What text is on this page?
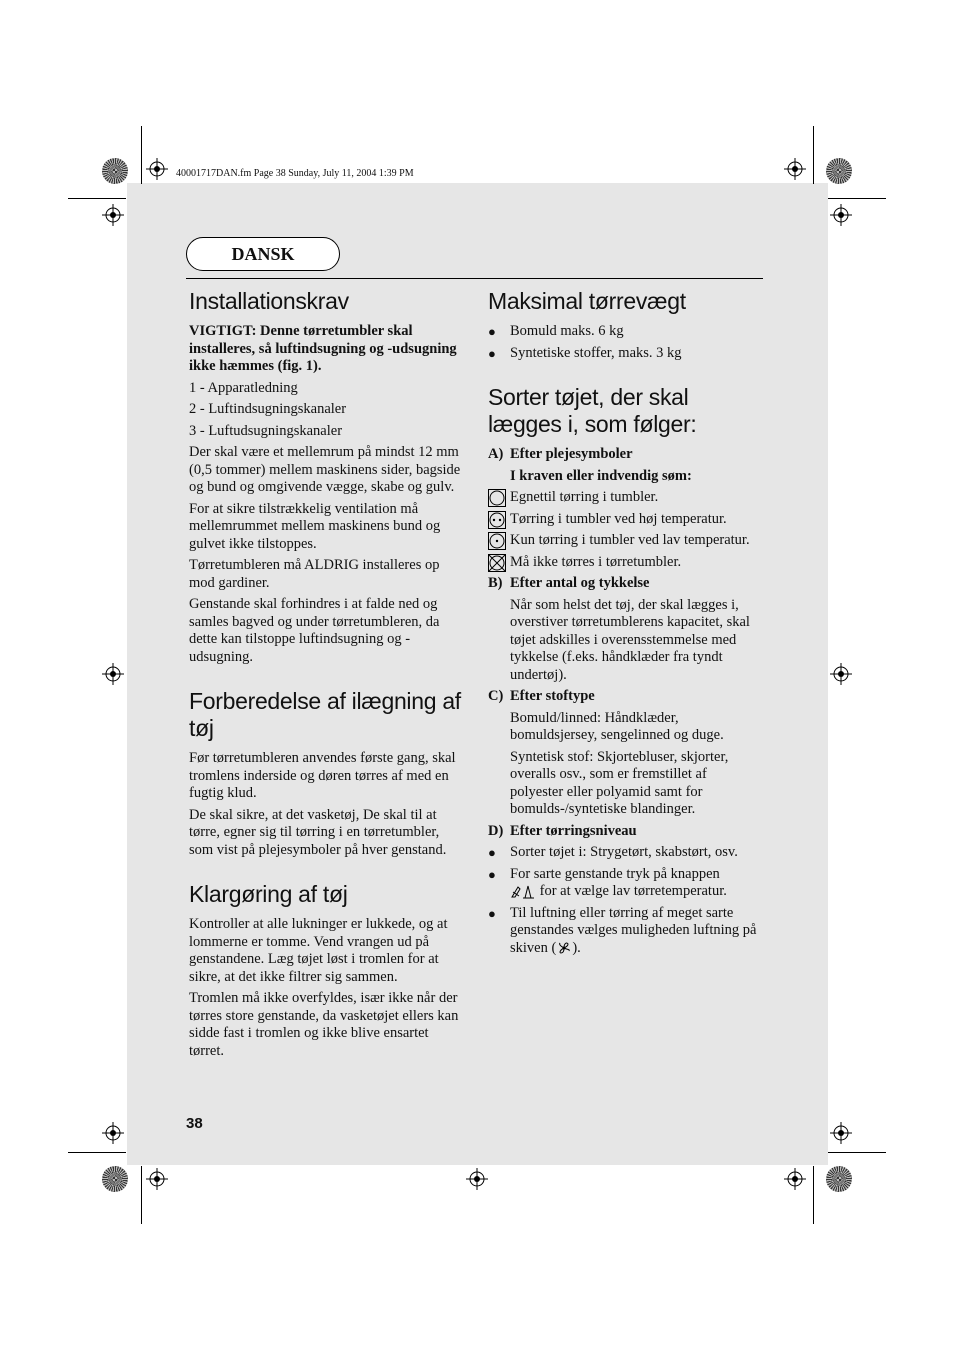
40001717DAN.fm Page 38 Sunday, July 11, 2004 1:39 PM
DANSK
Installationskrav

VIGTIGT: Denne tørretumbler skal installeres, så luftindsugning og -udsugning ikke hæmmes (fig. 1).

1 - Apparatledning

2 - Luftindsugningskanaler

3 - Luftudsugningskanaler

Der skal være et mellemrum på mindst 12 mm (0,5 tommer) mellem maskinens sider, bagside og bund og omgivende vægge, skabe og gulv.

For at sikre tilstrækkelig ventilation må mellemrummet mellem maskinens bund og gulvet ikke tilstoppes.

Tørretumbleren må ALDRIG installeres op mod gardiner.

Genstande skal forhindres i at falde ned og samles bagved og under tørretumbleren, da dette kan tilstoppe luftindsugning og -udsugning.

Forberedelse af ilægning af tøj

Før tørretumbleren anvendes første gang, skal tromlens inderside og døren tørres af med en fugtig klud.

De skal sikre, at det vasketøj, De skal til at tørre, egner sig til tørring i en tørretumbler, som vist på plejesymboler på hver genstand.

Klargøring af tøj

Kontroller at alle lukninger er lukkede, og at lommerne er tomme. Vend vrangen ud på genstandene. Læg tøjet løst i tromlen for at sikre, at det ikke filtrer sig sammen.

Tromlen må ikke overfyldes, især ikke når der tørres store genstande, da vasketøjet ellers kan sidde fast i tromlen og ikke blive ensartet tørret.

Maksimal tørrevægt
● Bomuld maks. 6 kg
● Syntetiske stoffer, maks. 3 kg
Sorter tøjet, der skal lægges i, som følger:
A) Efter plejesymboler
I kraven eller indvendig søm:
Egnettil tørring i tumbler.
Tørring i tumbler ved høj temperatur.
Kun tørring i tumbler ved lav temperatur.
Må ikke tørres i tørretumbler.
B) Efter antal og tykkelse
Når som helst det tøj, der skal lægges i, overstiver tørretumblerens kapacitet, skal tøjet adskilles i overensstemmelse med tykkelse (f.eks. håndklæder fra tyndt undertøj).
C) Efter stoftype
Bomuld/linned: Håndklæder, bomuldsjersey, sengelinned og duge.
Syntetisk stof: Skjortebluser, skjorter, overalls osv., som er fremstillet af polyester eller polyamid samt for bomulds-/syntetiske blandinger.
D) Efter tørringsniveau
● Sorter tøjet i: Strygetørt, skabstørt, osv.
● For sarte genstande tryk på knappen
for at vælge lav tørretemperatur.
● Til luftning eller tørring af meget sarte genstandes vælges muligheden luftning på skiven ( ).
38
